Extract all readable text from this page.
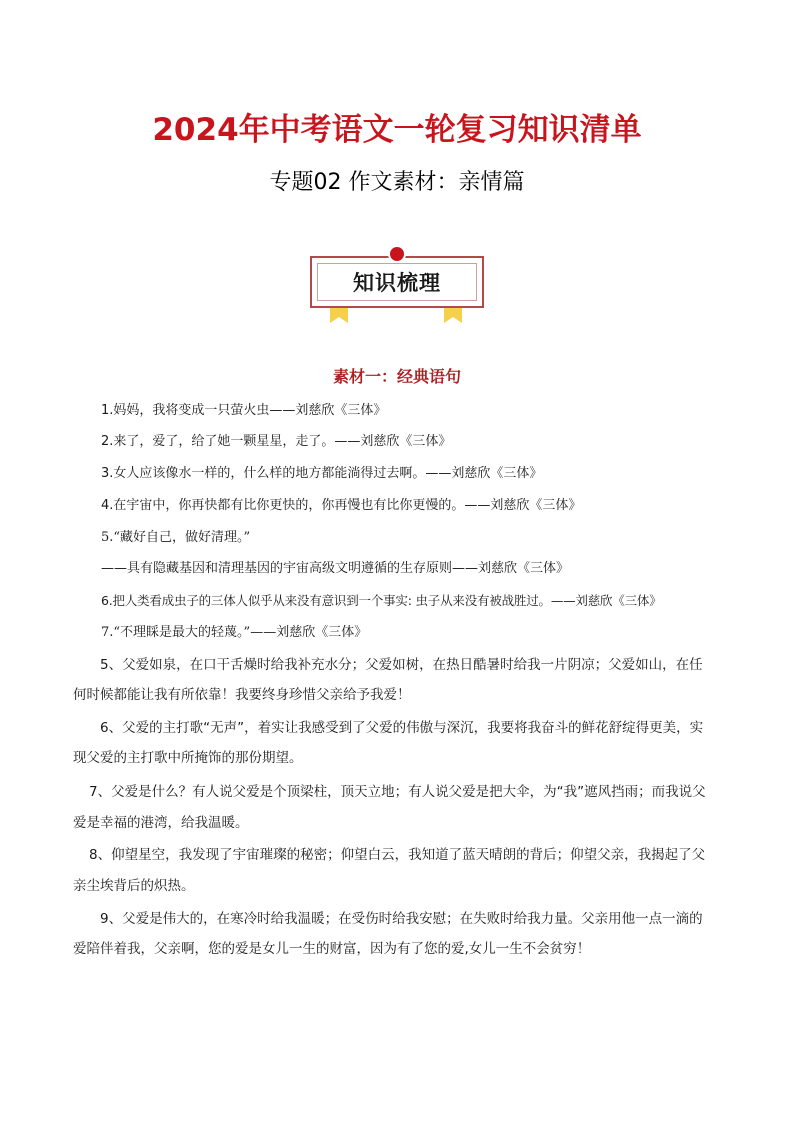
2024年中考语文一轮复习知识清单
专题02 作文素材：亲情篇
知识梳理
素材一：经典语句
1.妈妈，我将变成一只萤火虫——刘慈欣《三体》
2.来了，爱了，给了她一颗星星，走了。——刘慈欣《三体》
3.女人应该像水一样的，什么样的地方都能淌得过去啊。——刘慈欣《三体》
4.在宇宙中，你再快都有比你更快的，你再慢也有比你更慢的。——刘慈欣《三体》
5.“藏好自己，做好清理。”
——具有隐藏基因和清理基因的宇宙高级文明遵循的生存原则——刘慈欣《三体》
6.把人类看成虫子的三体人似乎从来没有意识到一个事实: 虫子从来没有被战胜过。——刘慈欣《三体》
7.“不理睬是最大的轻蔑。”——刘慈欣《三体》
5、父爱如泉，在口干舌燥时给我补充水分；父爱如树，在热日酷暑时给我一片阴凉；父爱如山，在任
何时候都能让我有所依靠！我要终身珍惜父亲给予我爱！
6、父爱的主打歌“无声”，着实让我感受到了父爱的伟傲与深沉，我要将我奋斗的鲜花舒绽得更美，实
现父爱的主打歌中所掩饰的那份期望。
7、父爱是什么？有人说父爱是个顶梁柱，顶天立地；有人说父爱是把大伞，为“我”遮风挡雨；而我说父
爱是幸福的港湾，给我温暖。
8、仰望星空，我发现了宇宙璀璨的秘密；仰望白云，我知道了蓝天晴朗的背后；仰望父亲，我揭起了父
亲尘埃背后的炽热。
9、父爱是伟大的，在寒冷时给我温暖；在受伤时给我安慰；在失败时给我力量。父亲用他一点一滴的
爱陪伴着我，父亲啊，您的爱是女儿一生的财富，因为有了您的爱,女儿一生不会贫穷！
